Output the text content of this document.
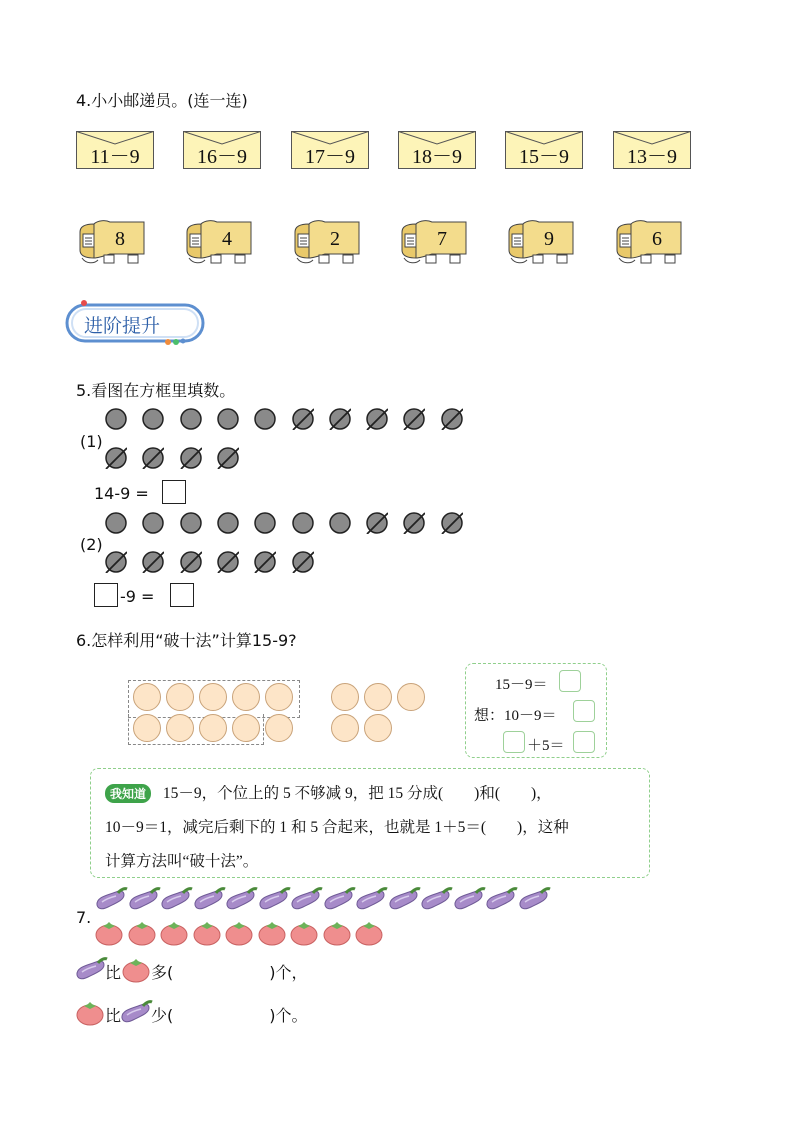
4.小小邮递员。(连一连)
11－9	16－9	17－9	18－9	15－9	13－9
8	4	2	7	9	6
进阶提升
5.看图在方框里填数。
(1)
14-9 =
(2)
-9 =
6.怎样利用“破十法”计算15-9?
15－9＝
想：10－9＝
＋5＝
我知道 15－9，个位上的 5 不够减 9，把 15 分成(　　)和(　　)，
10－9＝1，减完后剩下的 1 和 5 合起来，也就是 1＋5＝(　　)，这种
计算方法叫“破十法”。
7.
比 多(　　　　　　)个，
比 少(　　　　　　)个。
